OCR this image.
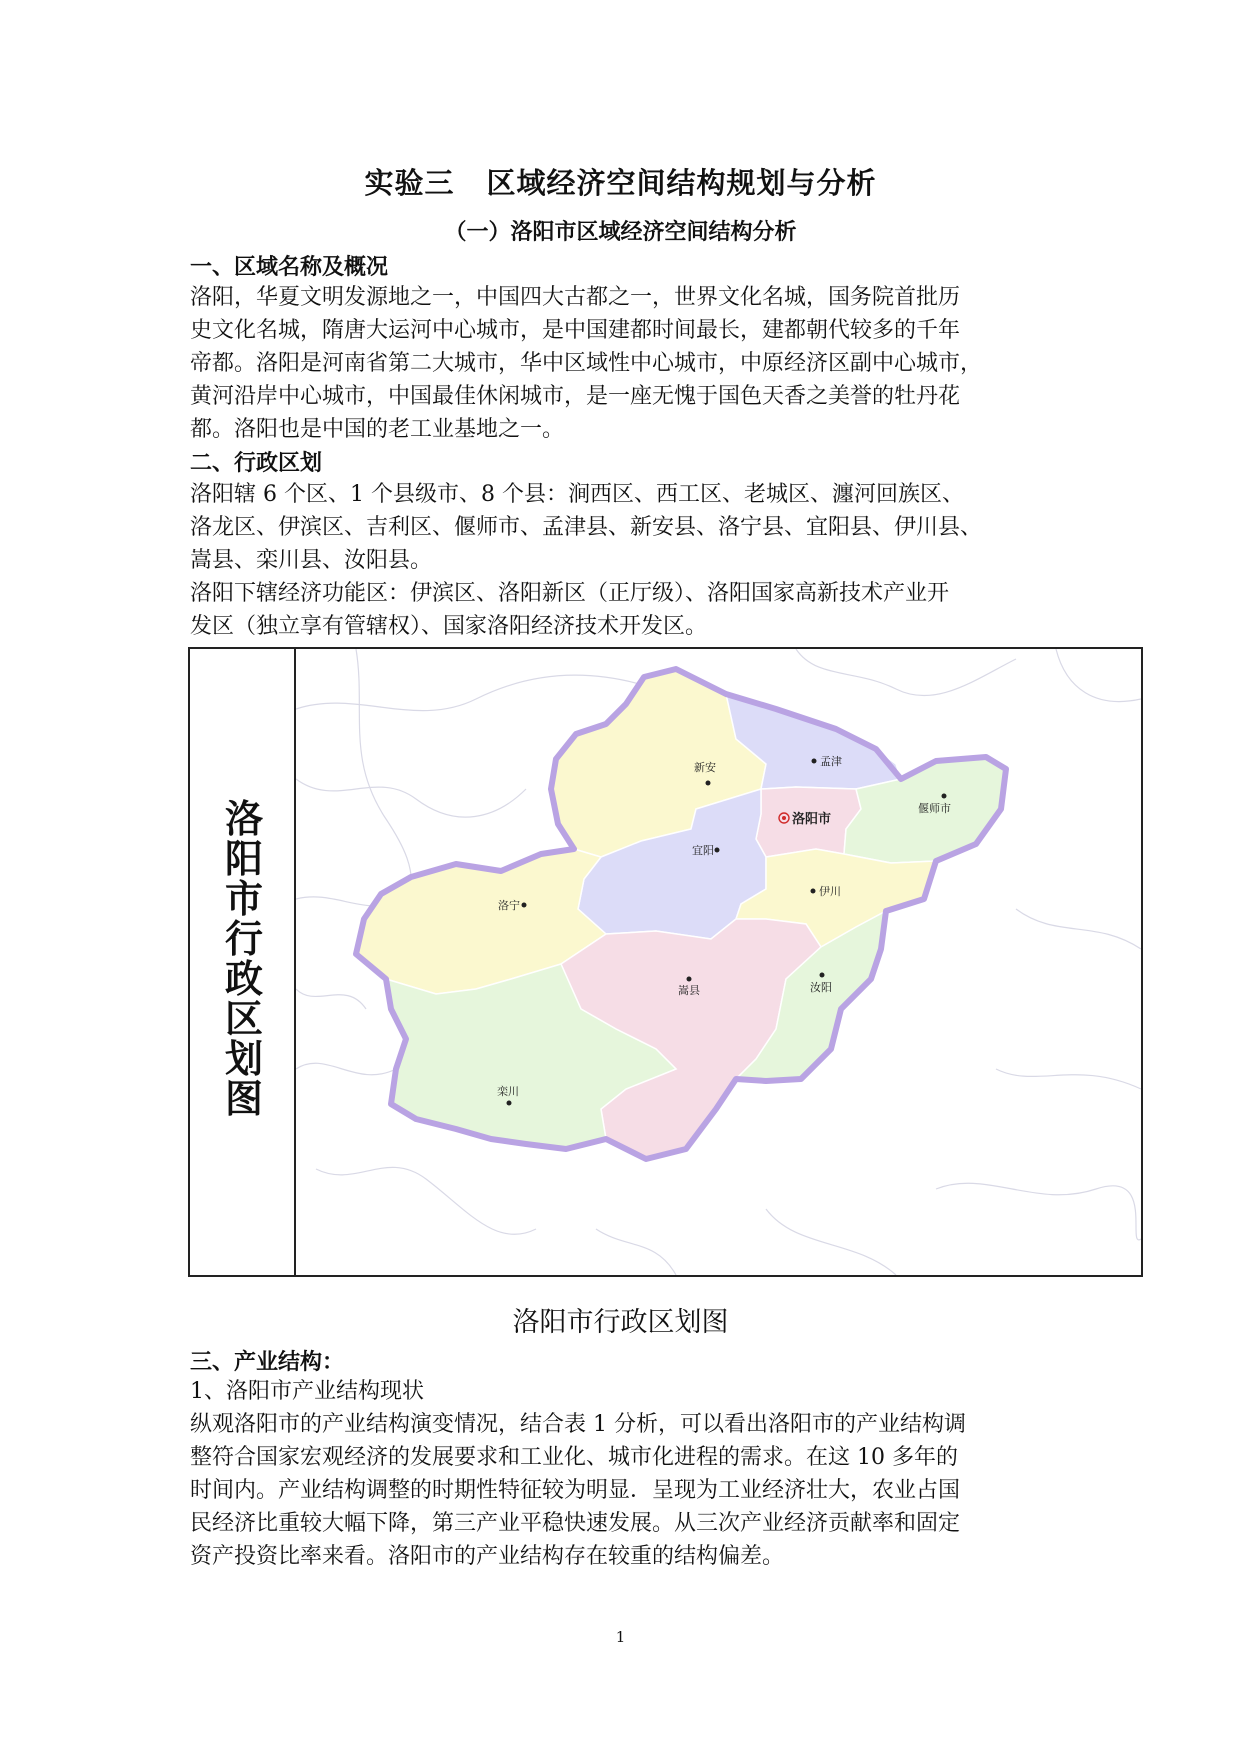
实验三 区域经济空间结构规划与分析
（一）洛阳市区域经济空间结构分析
一、区域名称及概况
洛阳，华夏文明发源地之一，中国四大古都之一，世界文化名城，国务院首批历
史文化名城，隋唐大运河中心城市，是中国建都时间最长，建都朝代较多的千年
帝都。洛阳是河南省第二大城市，华中区域性中心城市，中原经济区副中心城市，
黄河沿岸中心城市，中国最佳休闲城市，是一座无愧于国色天香之美誉的牡丹花
都。洛阳也是中国的老工业基地之一。
二、行政区划
洛阳辖 6 个区、1 个县级市、8 个县：涧西区、西工区、老城区、瀍河回族区、
洛龙区、伊滨区、吉利区、偃师市、孟津县、新安县、洛宁县、宜阳县、伊川县、
嵩县、栾川县、汝阳县。
洛阳下辖经济功能区：伊滨区、洛阳新区（正厅级）、洛阳国家高新技术产业开
发区（独立享有管辖权）、国家洛阳经济技术开发区。
洛
阳
市
行
政
区
划
图
孟津
新安
洛阳市
偃师市
宜阳
洛宁
伊川
嵩县	汝阳
栾川
洛阳市行政区划图
三、产业结构：
1、洛阳市产业结构现状
纵观洛阳市的产业结构演变情况，结合表 1 分析，可以看出洛阳市的产业结构调
整符合国家宏观经济的发展要求和工业化、城市化进程的需求。在这 10 多年的
时间内。产业结构调整的时期性特征较为明显．呈现为工业经济壮大，农业占国
民经济比重较大幅下降，第三产业平稳快速发展。从三次产业经济贡献率和固定
资产投资比率来看。洛阳市的产业结构存在较重的结构偏差。
1
